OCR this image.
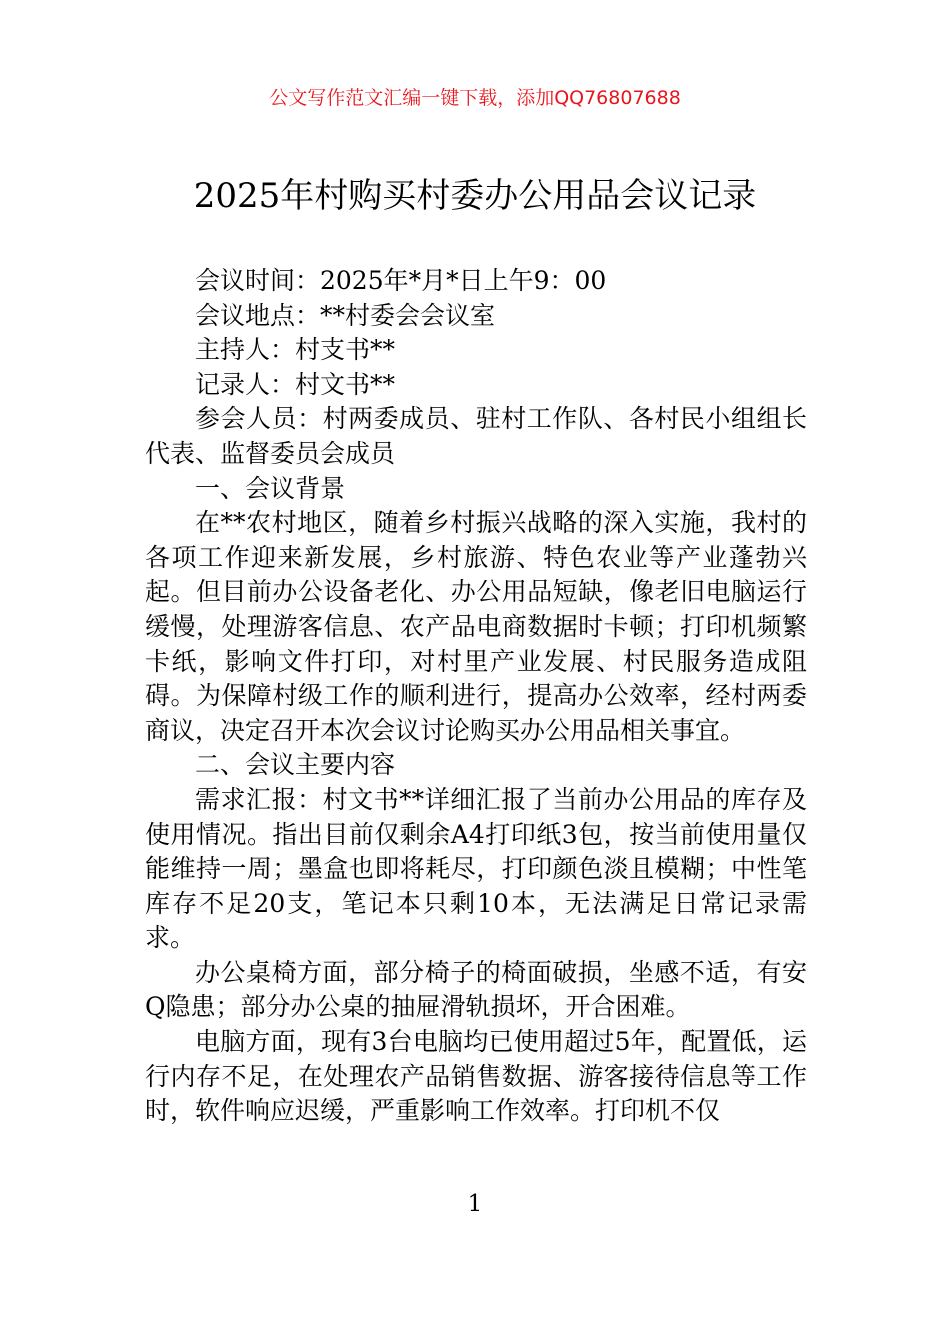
公文写作范文汇编一键下载，添加QQ76807688
2025年村购买村委办公用品会议记录

会议时间：2025年*月*日上午9：00

会议地点：**村委会会议室

主持人：村支书**

记录人：村文书**

参会人员：村两委成员、驻村工作队、各村民小组组长代表、监督委员会成员

一、会议背景

在**农村地区，随着乡村振兴战略的深入实施，我村的各项工作迎来新发展，乡村旅游、特色农业等产业蓬勃兴起。但目前办公设备老化、办公用品短缺，像老旧电脑运行缓慢，处理游客信息、农产品电商数据时卡顿；打印机频繁卡纸，影响文件打印，对村里产业发展、村民服务造成阻碍。为保障村级工作的顺利进行，提高办公效率，经村两委商议，决定召开本次会议讨论购买办公用品相关事宜。

二、会议主要内容

需求汇报：村文书**详细汇报了当前办公用品的库存及使用情况。指出目前仅剩余A4打印纸3包，按当前使用量仅能维持一周；墨盒也即将耗尽，打印颜色淡且模糊；中性笔库存不足20支，笔记本只剩10本，无法满足日常记录需求。

办公桌椅方面，部分椅子的椅面破损，坐感不适，有安Q隐患；部分办公桌的抽屉滑轨损坏，开合困难。

电脑方面，现有3台电脑均已使用超过5年，配置低，运行内存不足，在处理农产品销售数据、游客接待信息等工作时，软件响应迟缓，严重影响工作效率。打印机不仅

1
